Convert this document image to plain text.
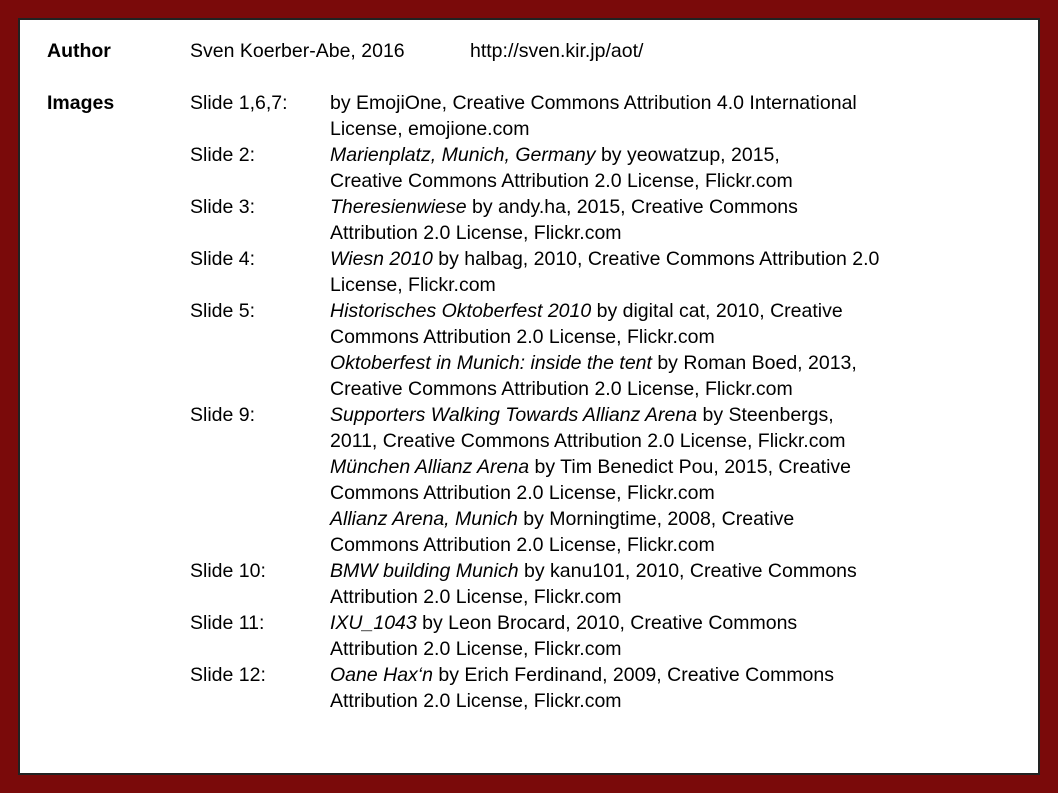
Author	Sven Koerber-Abe, 2016	http://sven.kir.jp/aot/
Images	Slide 1,6,7: by EmojiOne, Creative Commons Attribution 4.0 International
License, emojione.com
Slide 2:	Marienplatz, Munich, Germany by yeowatzup, 2015,
Creative Commons Attribution 2.0 License, Flickr.com
Slide 3:	Theresienwiese by andy.ha, 2015, Creative Commons
Attribution 2.0 License, Flickr.com
Slide 4:	Wiesn 2010 by halbag, 2010, Creative Commons Attribution 2.0
License, Flickr.com
Slide 5:	Historisches Oktoberfest 2010 by digital cat, 2010, Creative
Commons Attribution 2.0 License, Flickr.com
Oktoberfest in Munich: inside the tent by Roman Boed, 2013,
Creative Commons Attribution 2.0 License, Flickr.com
Slide 9:	Supporters Walking Towards Allianz Arena by Steenbergs,
2011, Creative Commons Attribution 2.0 License, Flickr.com
München Allianz Arena by Tim Benedict Pou, 2015, Creative
Commons Attribution 2.0 License, Flickr.com
Allianz Arena, Munich by Morningtime, 2008, Creative
Commons Attribution 2.0 License, Flickr.com
Slide 10:	BMW building Munich by kanu101, 2010, Creative Commons
Attribution 2.0 License, Flickr.com
Slide 11:	IXU_1043 by Leon Brocard, 2010, Creative Commons
Attribution 2.0 License, Flickr.com
Slide 12:	Oane Hax‘n by Erich Ferdinand, 2009, Creative Commons
Attribution 2.0 License, Flickr.com
